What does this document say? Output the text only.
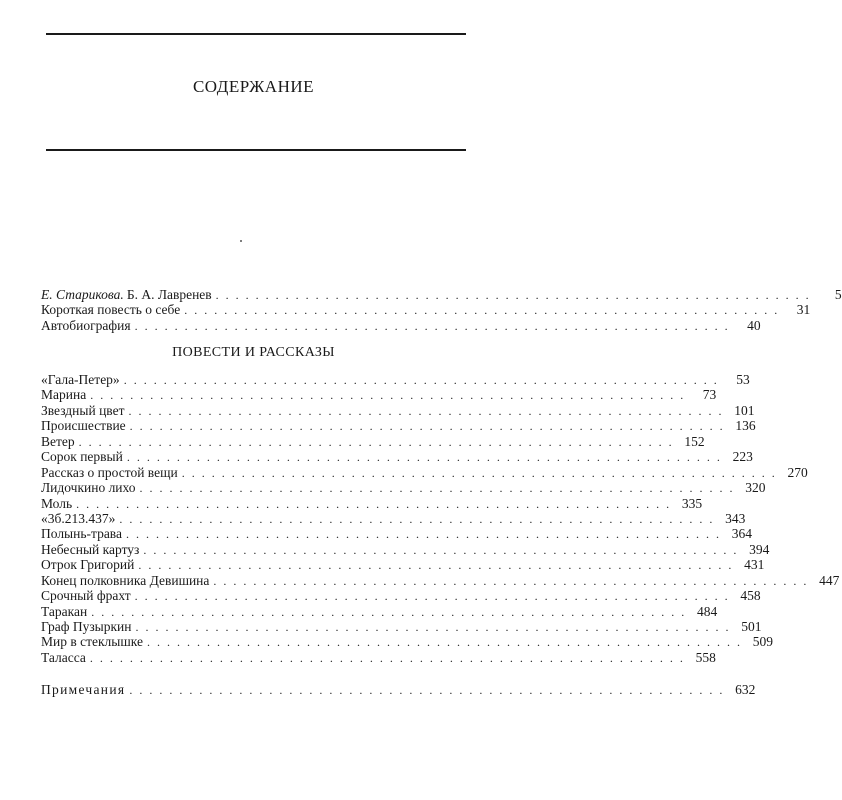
СОДЕРЖАНИЕ
Е. Старикова. Б. А. Лавренев ............................................................	5
Короткая повесть о себе ............................................................ 31
Автобиография ............................................................ 40
ПОВЕСТИ И РАССКАЗЫ
«Гала-Петер» ............................................................ 53
Марина ............................................................ 73
Звездный цвет ............................................................ 101
Происшествие ............................................................ 136
Ветер ............................................................ 152
Сорок первый ............................................................ 223
Рассказ о простой вещи ............................................................ 270
Лидочкино лихо ............................................................ 320
Моль ............................................................ 335
«3б.213.437» ............................................................ 343
Полынь-трава ............................................................ 364
Небесный картуз ............................................................ 394
Отрок Григорий ............................................................ 431
Конец полковника Девишина ............................................................ 447
Срочный фрахт ............................................................ 458
Таракан ............................................................ 484
Граф Пузыркин ............................................................ 501
Мир в стеклышке ............................................................ 509
Таласса ............................................................ 558
Примечания ............................................................ 632
